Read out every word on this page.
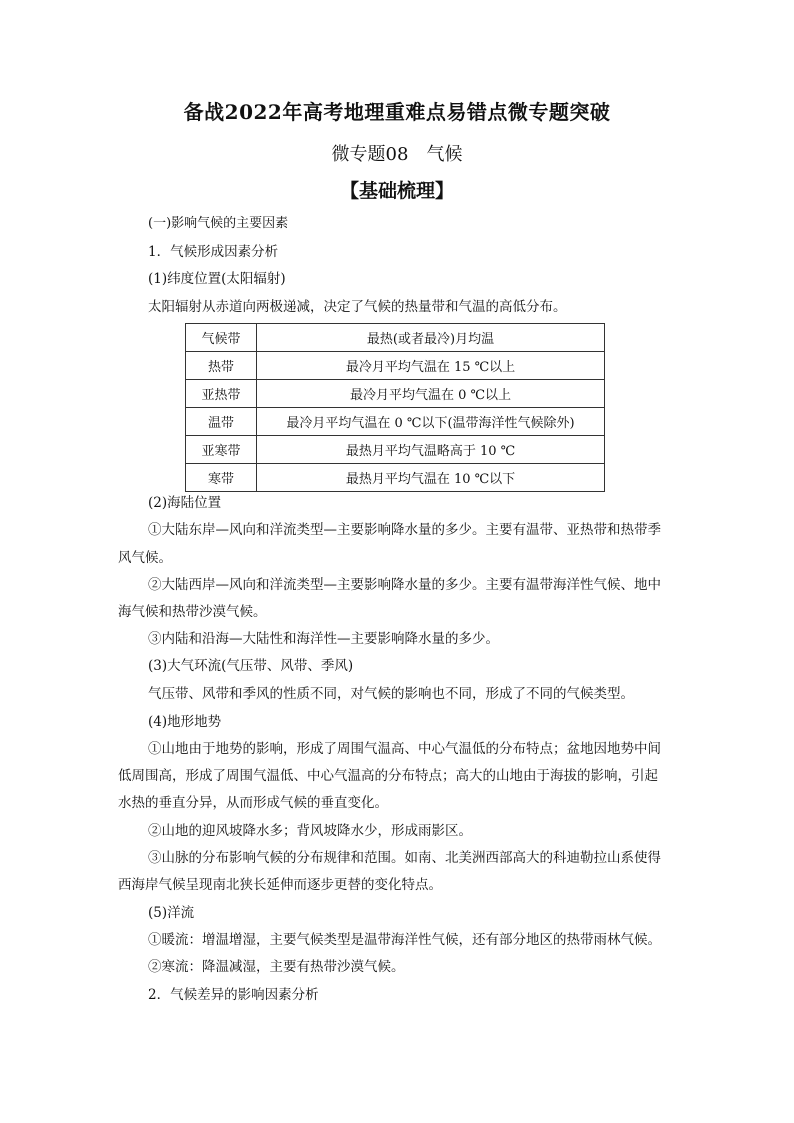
备战2022年高考地理重难点易错点微专题突破
微专题08　气候
【基础梳理】
(一)影响气候的主要因素
1．气候形成因素分析
(1)纬度位置(太阳辐射)
太阳辐射从赤道向两极递减，决定了气候的热量带和气温的高低分布。
气候带	最热(或者最冷)月均温
热带	最冷月平均气温在 15 ℃以上
亚热带	最冷月平均气温在 0 ℃以上
温带	最冷月平均气温在 0 ℃以下(温带海洋性气候除外)
亚寒带	最热月平均气温略高于 10 ℃
寒带	最热月平均气温在 10 ℃以下
(2)海陆位置
①大陆东岸—风向和洋流类型—主要影响降水量的多少。主要有温带、亚热带和热带季
风气候。
②大陆西岸—风向和洋流类型—主要影响降水量的多少。主要有温带海洋性气候、地中
海气候和热带沙漠气候。
③内陆和沿海—大陆性和海洋性—主要影响降水量的多少。
(3)大气环流(气压带、风带、季风)
气压带、风带和季风的性质不同，对气候的影响也不同，形成了不同的气候类型。
(4)地形地势
①山地由于地势的影响，形成了周围气温高、中心气温低的分布特点；盆地因地势中间
低周围高，形成了周围气温低、中心气温高的分布特点；高大的山地由于海拔的影响，引起
水热的垂直分异，从而形成气候的垂直变化。
②山地的迎风坡降水多；背风坡降水少，形成雨影区。
③山脉的分布影响气候的分布规律和范围。如南、北美洲西部高大的科迪勒拉山系使得
西海岸气候呈现南北狭长延伸而逐步更替的变化特点。
(5)洋流
①暖流：增温增湿，主要气候类型是温带海洋性气候，还有部分地区的热带雨林气候。
②寒流：降温减湿，主要有热带沙漠气候。
2．气候差异的影响因素分析
